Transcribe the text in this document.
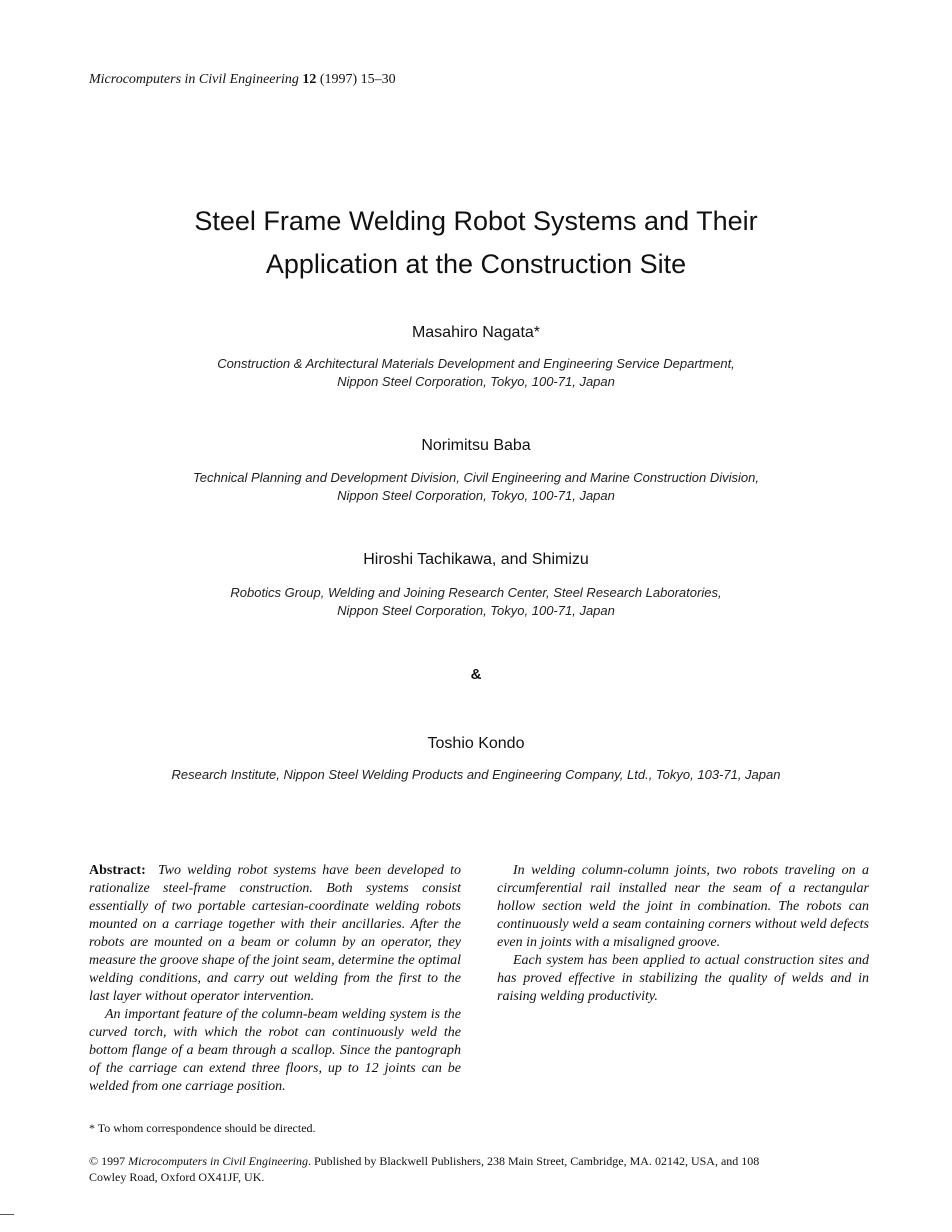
Microcomputers in Civil Engineering 12 (1997) 15–30
Steel Frame Welding Robot Systems and Their
Application at the Construction Site
Masahiro Nagata*
Construction & Architectural Materials Development and Engineering Service Department,
Nippon Steel Corporation, Tokyo, 100-71, Japan
Norimitsu Baba
Technical Planning and Development Division, Civil Engineering and Marine Construction Division,
Nippon Steel Corporation, Tokyo, 100-71, Japan
Hiroshi Tachikawa, and Shimizu
Robotics Group, Welding and Joining Research Center, Steel Research Laboratories,
Nippon Steel Corporation, Tokyo, 100-71, Japan
&
Toshio Kondo
Research Institute, Nippon Steel Welding Products and Engineering Company, Ltd., Tokyo, 103-71, Japan

Abstract: Two welding robot systems have been developed to rationalize steel-frame construction. Both systems consist essentially of two portable cartesian-coordinate welding robots mounted on a carriage together with their ancillaries. After the robots are mounted on a beam or column by an operator, they measure the groove shape of the joint seam, determine the optimal welding conditions, and carry out welding from the first to the last layer without operator intervention.

An important feature of the column-beam welding system is the curved torch, with which the robot can continuously weld the bottom flange of a beam through a scallop. Since the pantograph of the carriage can extend three floors, up to 12 joints can be welded from one carriage position.

In welding column-column joints, two robots traveling on a circumferential rail installed near the seam of a rectangular hollow section weld the joint in combination. The robots can continuously weld a seam containing corners without weld defects even in joints with a misaligned groove.

Each system has been applied to actual construction sites and has proved effective in stabilizing the quality of welds and in raising welding productivity.

* To whom correspondence should be directed.
© 1997 Microcomputers in Civil Engineering. Published by Blackwell Publishers, 238 Main Street, Cambridge, MA. 02142, USA, and 108 Cowley Road, Oxford OX41JF, UK.
